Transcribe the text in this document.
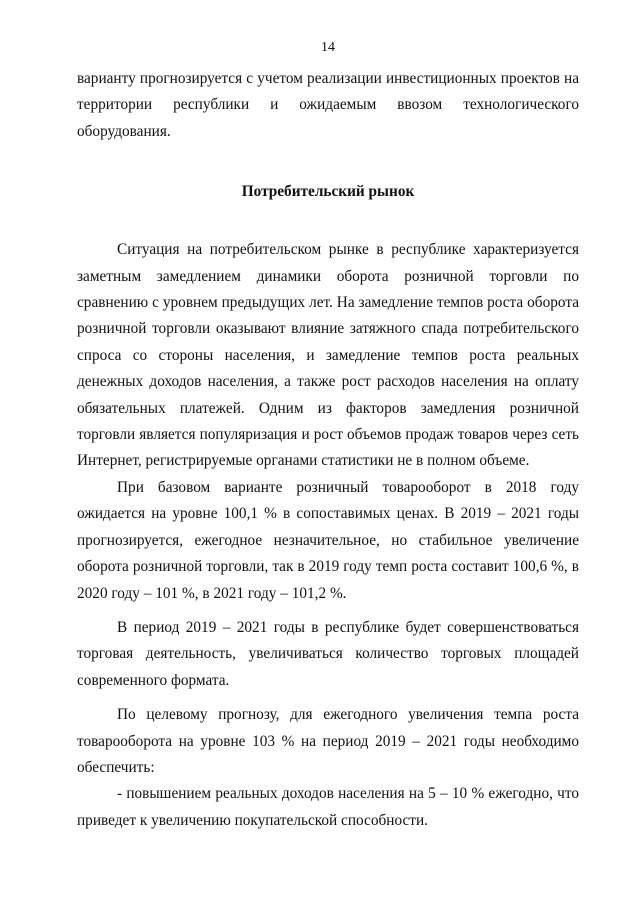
14

варианту прогнозируется с учетом реализации инвестиционных проектов на территории республики и ожидаемым ввозом технологического оборудования.

Потребительский рынок

Ситуация на потребительском рынке в республике характеризуется заметным замедлением динамики оборота розничной торговли по сравнению с уровнем предыдущих лет. На замедление темпов роста оборота розничной торговли оказывают влияние затяжного спада потребительского спроса со стороны населения, и замедление темпов роста реальных денежных доходов населения, а также рост расходов населения на оплату обязательных платежей. Одним из факторов замедления розничной торговли является популяризация и рост объемов продаж товаров через сеть Интернет, регистрируемые органами статистики не в полном объеме.

При базовом варианте розничный товарооборот в 2018 году ожидается на уровне 100,1 % в сопоставимых ценах. В 2019 – 2021 годы прогнозируется, ежегодное незначительное, но стабильное увеличение оборота розничной торговли, так в 2019 году темп роста составит 100,6 %, в 2020 году – 101 %, в 2021 году – 101,2 %.

В период 2019 – 2021 годы в республике будет совершенствоваться торговая деятельность, увеличиваться количество торговых площадей современного формата.

По целевому прогнозу, для ежегодного увеличения темпа роста товарооборота на уровне 103 % на период 2019 – 2021 годы необходимо обеспечить:

- повышением реальных доходов населения на 5 – 10 % ежегодно, что приведет к увеличению покупательской способности.
